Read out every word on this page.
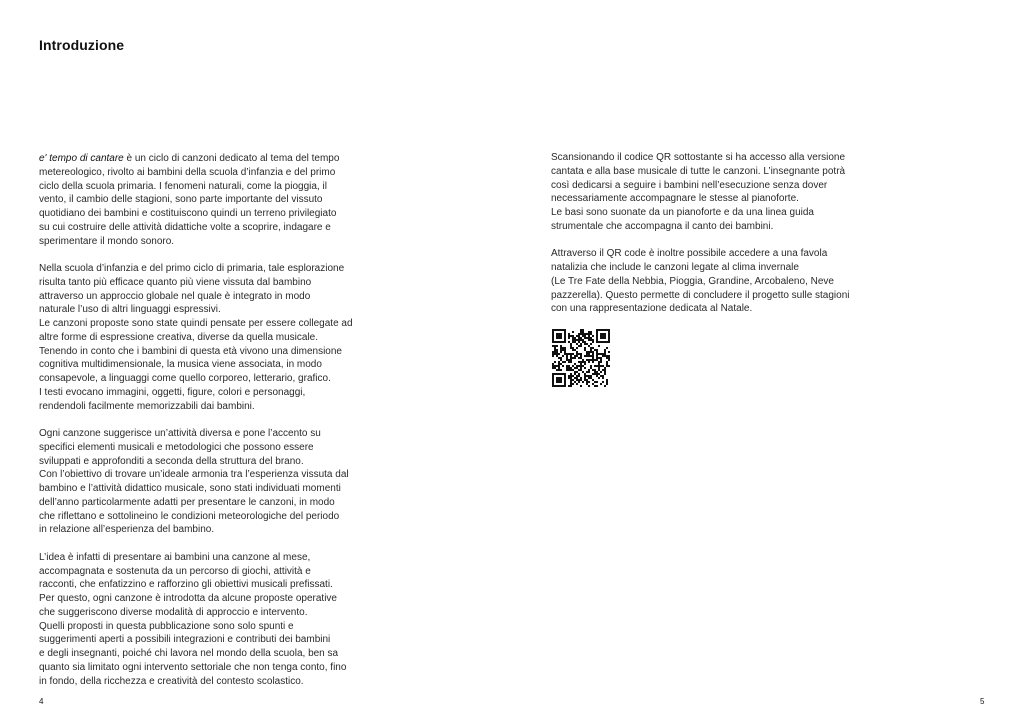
Introduzione
e' tempo di cantare è un ciclo di canzoni dedicato al tema del tempo
metereologico, rivolto ai bambini della scuola d’infanzia e del primo
ciclo della scuola primaria. I fenomeni naturali, come la pioggia, il
vento, il cambio delle stagioni, sono parte importante del vissuto
quotidiano dei bambini e costituiscono quindi un terreno privilegiato
su cui costruire delle attività didattiche volte a scoprire, indagare e
sperimentare il mondo sonoro.
Nella scuola d’infanzia e del primo ciclo di primaria, tale esplorazione
risulta tanto più efficace quanto più viene vissuta dal bambino
attraverso un approccio globale nel quale è integrato in modo
naturale l’uso di altri linguaggi espressivi.
Le canzoni proposte sono state quindi pensate per essere collegate ad
altre forme di espressione creativa, diverse da quella musicale.
Tenendo in conto che i bambini di questa età vivono una dimensione
cognitiva multidimensionale, la musica viene associata, in modo
consapevole, a linguaggi come quello corporeo, letterario, grafico.
I testi evocano immagini, oggetti, figure, colori e personaggi,
rendendoli facilmente memorizzabili dai bambini.
Ogni canzone suggerisce un’attività diversa e pone l’accento su
specifici elementi musicali e metodologici che possono essere
sviluppati e approfonditi a seconda della struttura del brano.
Con l’obiettivo di trovare un’ideale armonia tra l’esperienza vissuta dal
bambino e l’attività didattico musicale, sono stati individuati momenti
dell’anno particolarmente adatti per presentare le canzoni, in modo
che riflettano e sottolineino le condizioni meteorologiche del periodo
in relazione all’esperienza del bambino.
L’idea è infatti di presentare ai bambini una canzone al mese,
accompagnata e sostenuta da un percorso di giochi, attività e
racconti, che enfatizzino e rafforzino gli obiettivi musicali prefissati.
Per questo, ogni canzone è introdotta da alcune proposte operative
che suggeriscono diverse modalità di approccio e intervento.
Quelli proposti in questa pubblicazione sono solo spunti e
suggerimenti aperti a possibili integrazioni e contributi dei bambini
e degli insegnanti, poiché chi lavora nel mondo della scuola, ben sa
quanto sia limitato ogni intervento settoriale che non tenga conto, fino
in fondo, della ricchezza e creatività del contesto scolastico.
4
Scansionando il codice QR sottostante si ha accesso alla versione
cantata e alla base musicale di tutte le canzoni. L’insegnante potrà
così dedicarsi a seguire i bambini nell’esecuzione senza dover
necessariamente accompagnare le stesse al pianoforte.
Le basi sono suonate da un pianoforte e da una linea guida
strumentale che accompagna il canto dei bambini.
Attraverso il QR code è inoltre possibile accedere a una favola
natalizia che include le canzoni legate al clima invernale
(Le Tre Fate della Nebbia, Pioggia, Grandine, Arcobaleno, Neve
pazzerella). Questo permette di concludere il progetto sulle stagioni
con una rappresentazione dedicata al Natale.
5
